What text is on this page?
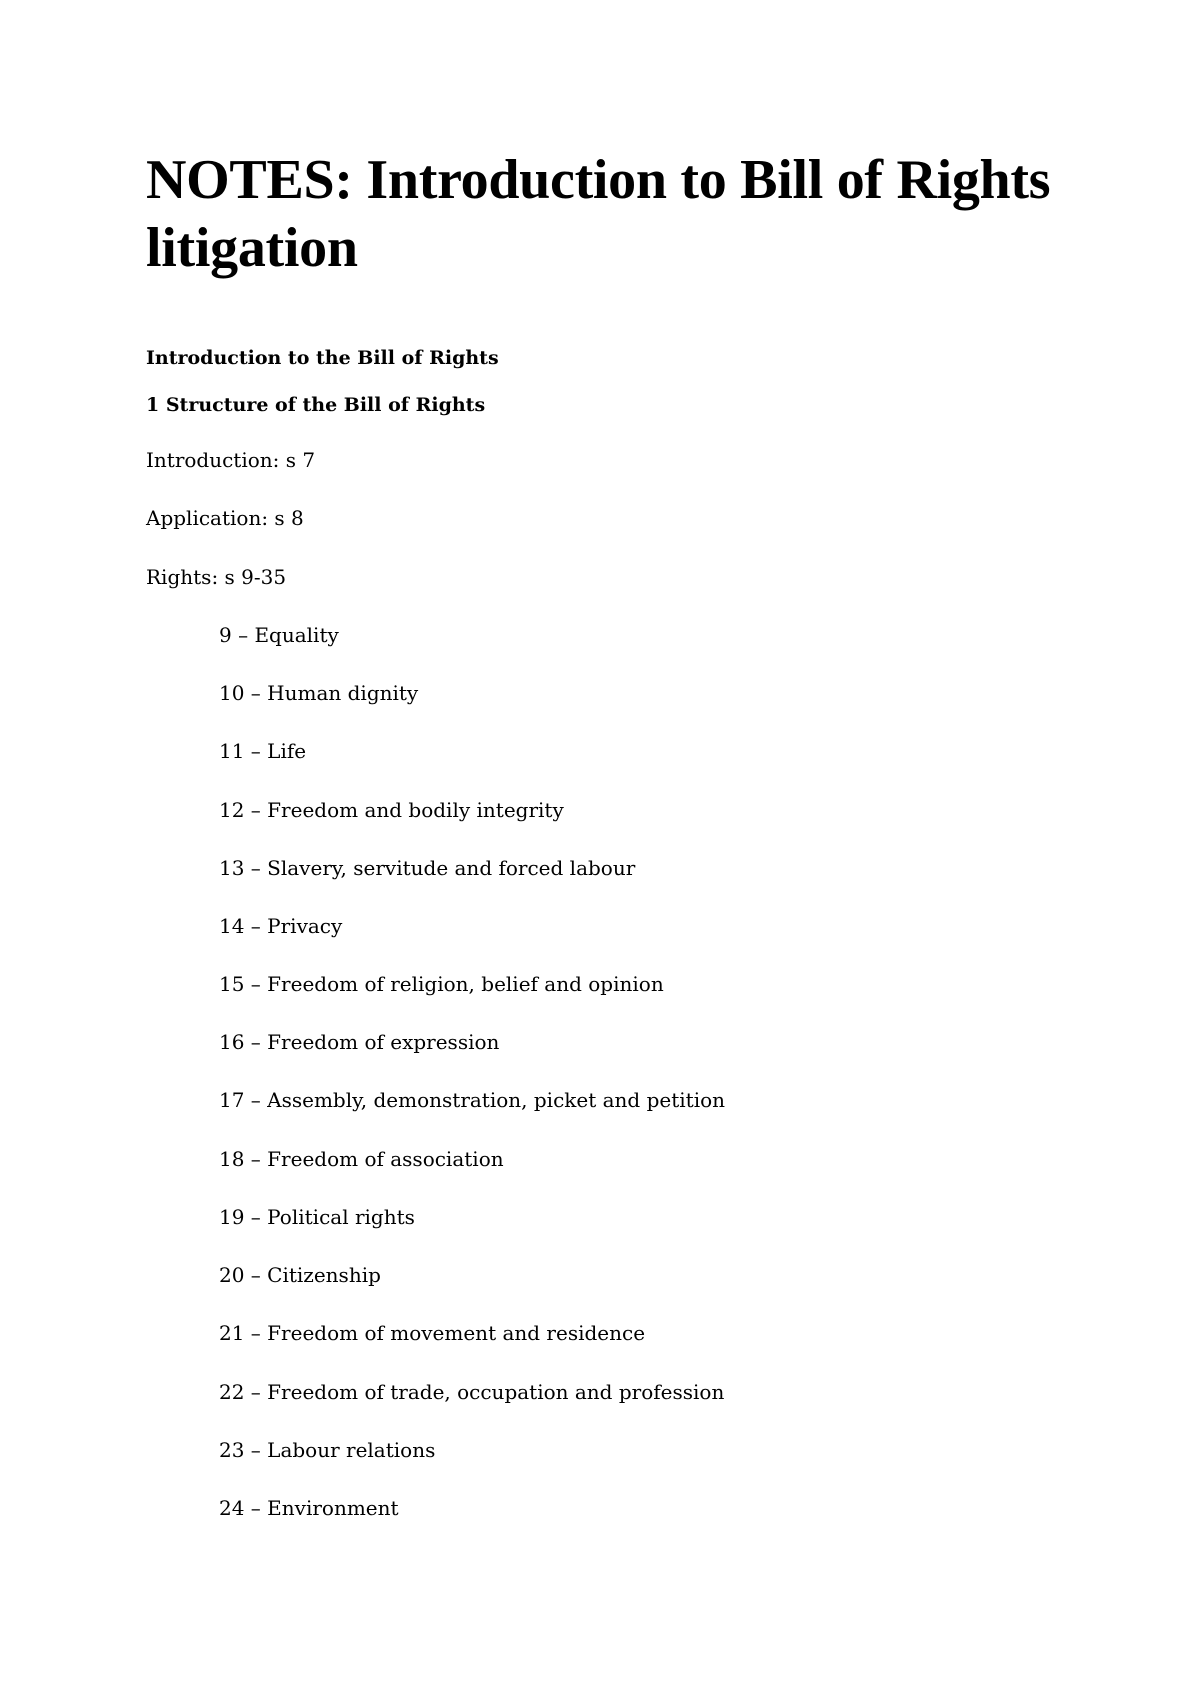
NOTES: Introduction to Bill of Rights litigation

Introduction to the Bill of Rights

1 Structure of the Bill of Rights

Introduction: s 7

Application: s 8

Rights: s 9-35

9 – Equality

10 – Human dignity

11 – Life

12 – Freedom and bodily integrity

13 – Slavery, servitude and forced labour

14 – Privacy

15 – Freedom of religion, belief and opinion

16 – Freedom of expression

17 – Assembly, demonstration, picket and petition

18 – Freedom of association

19 – Political rights

20 – Citizenship

21 – Freedom of movement and residence

22 – Freedom of trade, occupation and profession

23 – Labour relations

24 – Environment
